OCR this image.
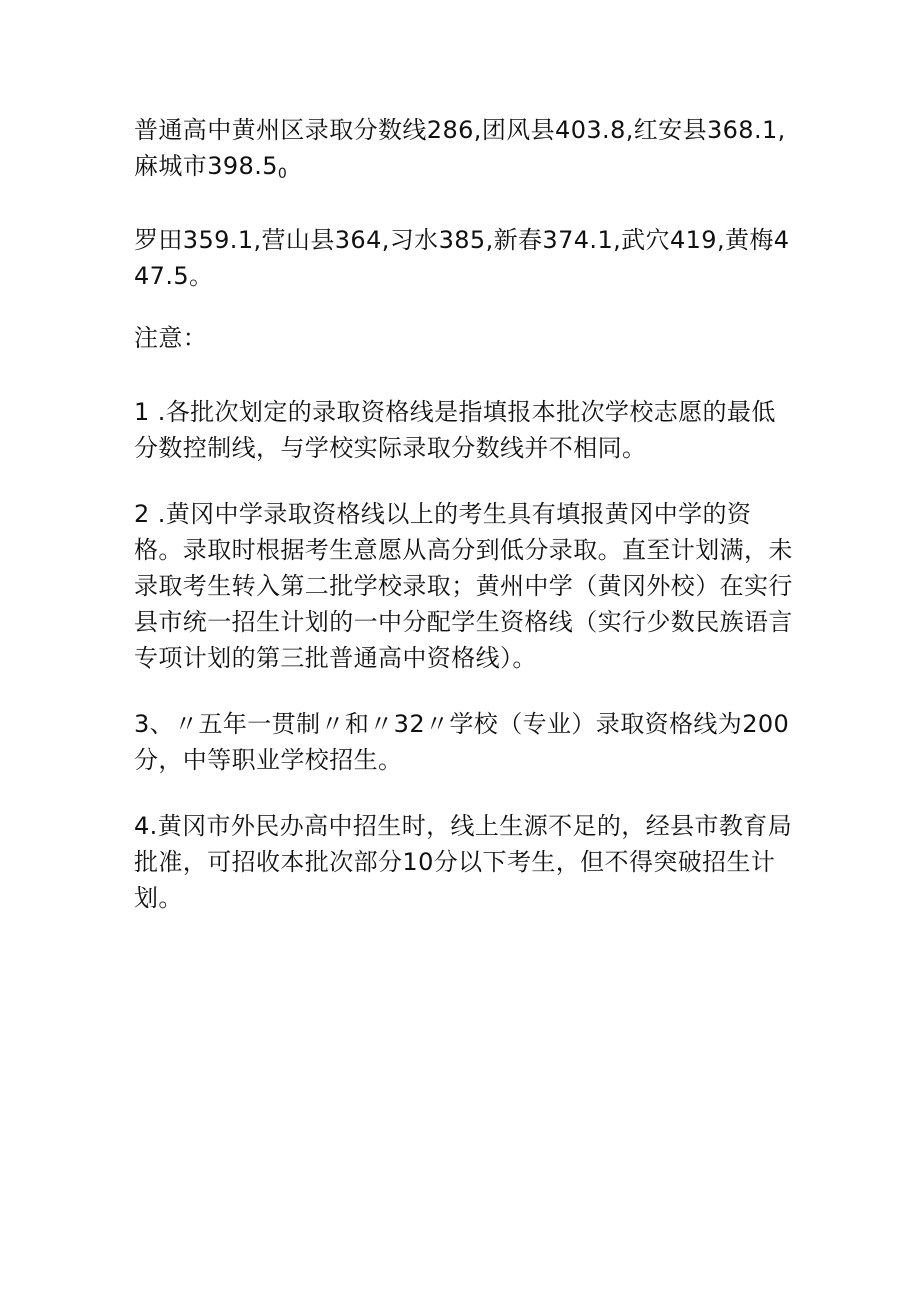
普通高中黄州区录取分数线286,团风县403.8,红安县368.1,麻城市$398.5_0$

罗田359.1,营山县364,习水385,新春374.1,武穴419,黄梅447.5。

注意：

1 .各批次划定的录取资格线是指填报本批次学校志愿的最低分数控制线，与学校实际录取分数线并不相同。

2 .黄冈中学录取资格线以上的考生具有填报黄冈中学的资格。录取时根据考生意愿从高分到低分录取。直至计划满，未录取考生转入第二批学校录取；黄州中学（黄冈外校）在实行县市统一招生计划的一中分配学生资格线（实行少数民族语言专项计划的第三批普通高中资格线）。

3、〃五年一贯制〃和〃32〃学校（专业）录取资格线为200分，中等职业学校招生。

4.黄冈市外民办高中招生时，线上生源不足的，经县市教育局批准，可招收本批次部分10分以下考生，但不得突破招生计划。
